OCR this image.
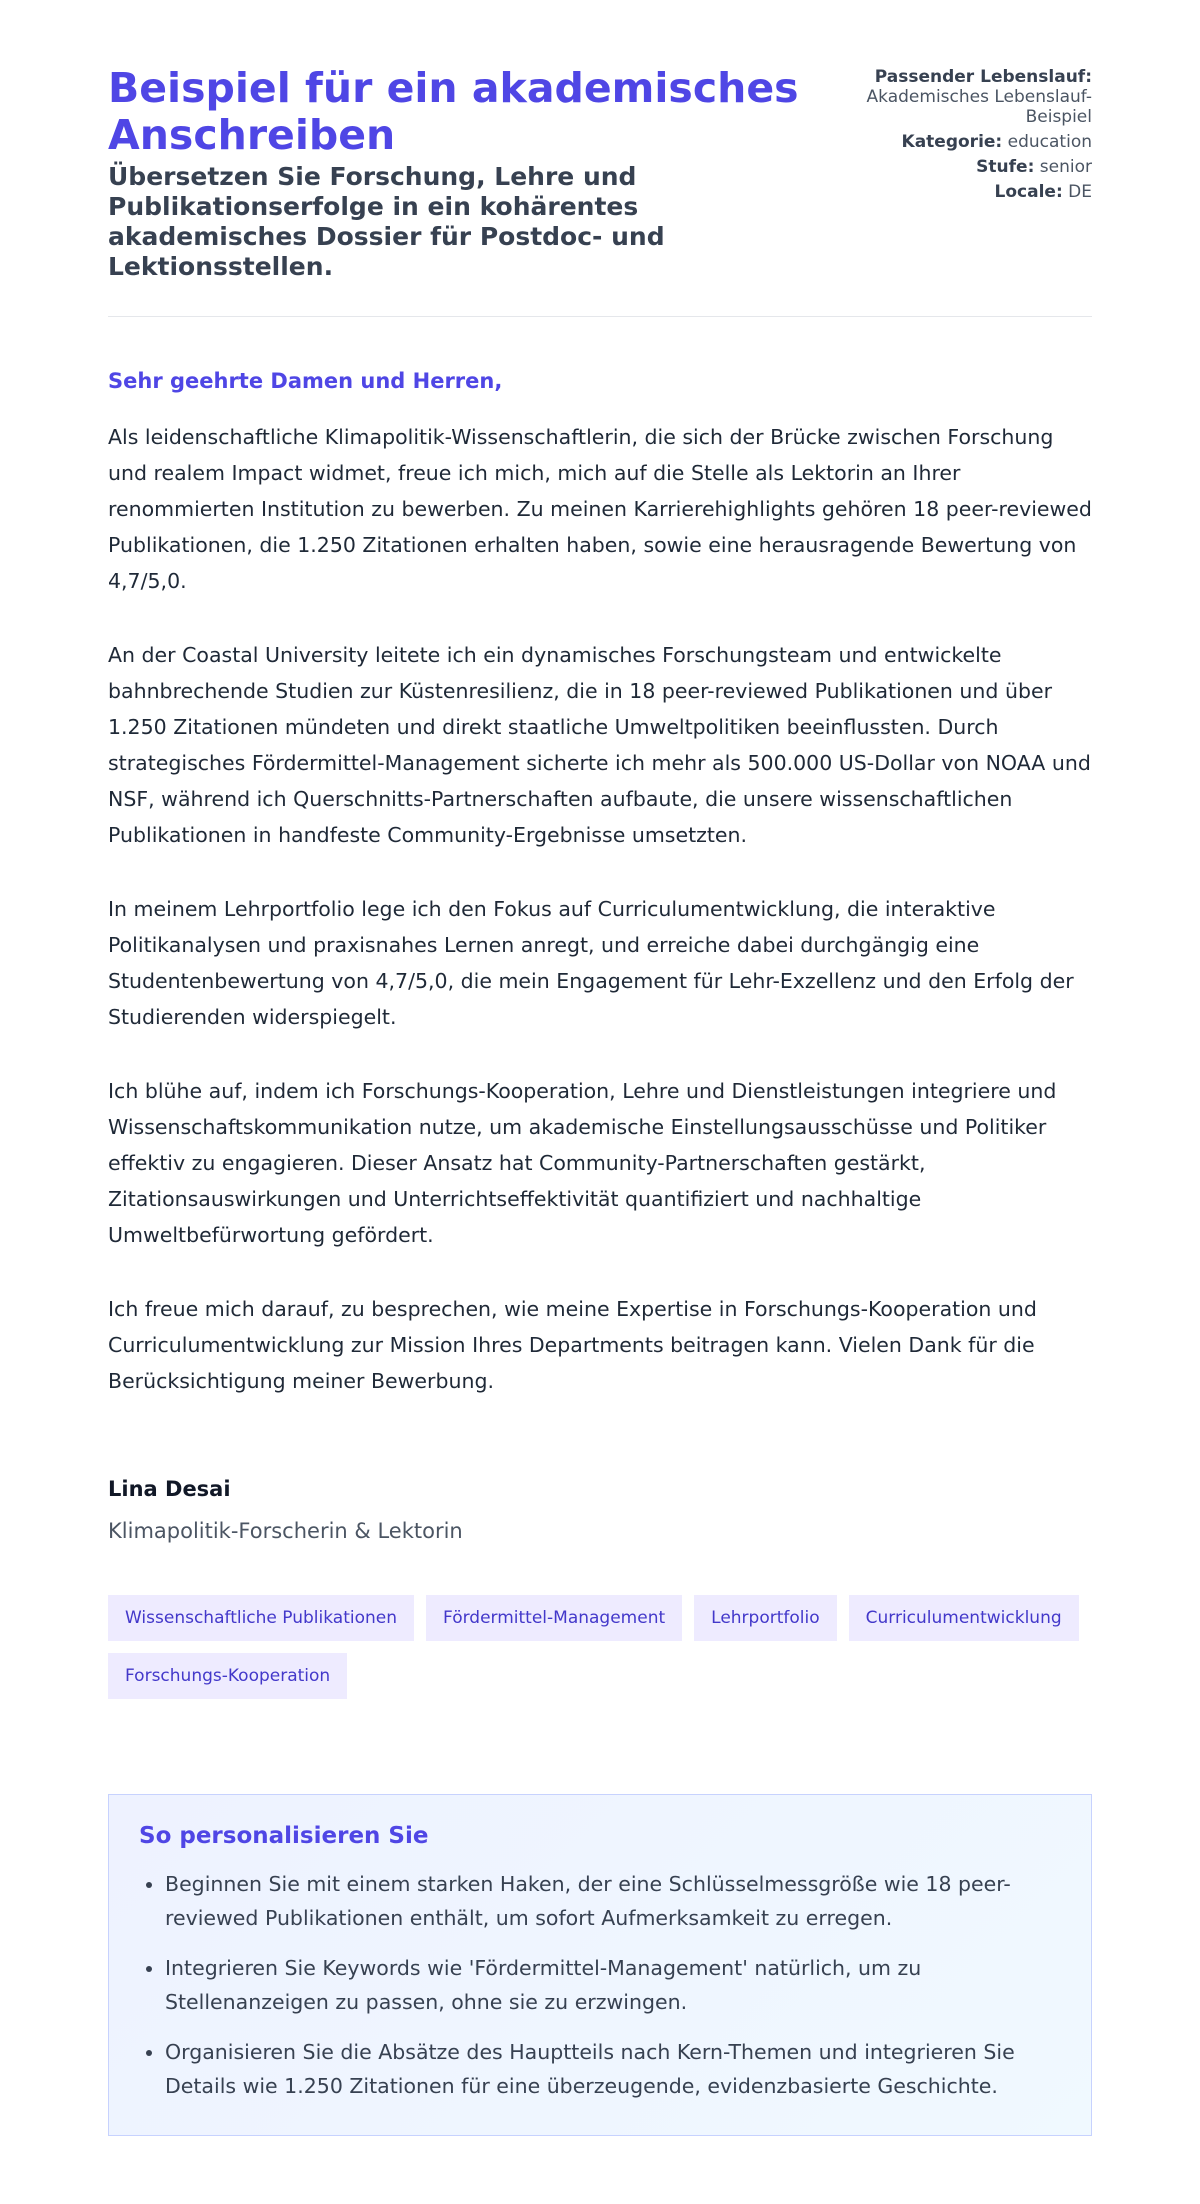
Beispiel für ein akademisches Anschreiben
Übersetzen Sie Forschung, Lehre und Publikationserfolge in ein kohärentes akademisches Dossier für Postdoc- und Lektionsstellen.
Passender Lebenslauf:
Akademisches Lebenslauf-Beispiel
Kategorie: education
Stufe: senior
Locale: DE

Sehr geehrte Damen und Herren,

Als leidenschaftliche Klimapolitik-Wissenschaftlerin, die sich der Brücke zwischen Forschung und realem Impact widmet, freue ich mich, mich auf die Stelle als Lektorin an Ihrer renommierten Institution zu bewerben. Zu meinen Karrierehighlights gehören 18 peer-reviewed Publikationen, die 1.250 Zitationen erhalten haben, sowie eine herausragende Bewertung von 4,7/5,0.

An der Coastal University leitete ich ein dynamisches Forschungsteam und entwickelte bahnbrechende Studien zur Küstenresilienz, die in 18 peer-reviewed Publikationen und über 1.250 Zitationen mündeten und direkt staatliche Umweltpolitiken beeinflussten. Durch strategisches Fördermittel-Management sicherte ich mehr als 500.000 US-Dollar von NOAA und NSF, während ich Querschnitts-Partnerschaften aufbaute, die unsere wissenschaftlichen Publikationen in handfeste Community-Ergebnisse umsetzten.

In meinem Lehrportfolio lege ich den Fokus auf Curriculumentwicklung, die interaktive Politikanalysen und praxisnahes Lernen anregt, und erreiche dabei durchgängig eine Studentenbewertung von 4,7/5,0, die mein Engagement für Lehr-Exzellenz und den Erfolg der Studierenden widerspiegelt.

Ich blühe auf, indem ich Forschungs-Kooperation, Lehre und Dienstleistungen integriere und Wissenschaftskommunikation nutze, um akademische Einstellungsausschüsse und Politiker effektiv zu engagieren. Dieser Ansatz hat Community-Partnerschaften gestärkt, Zitationsauswirkungen und Unterrichtseffektivität quantifiziert und nachhaltige Umweltbefürwortung gefördert.

Ich freue mich darauf, zu besprechen, wie meine Expertise in Forschungs-Kooperation und Curriculumentwicklung zur Mission Ihres Departments beitragen kann. Vielen Dank für die Berücksichtigung meiner Bewerbung.

Lina Desai
Klimapolitik-Forscherin & Lektorin
Wissenschaftliche Publikationen	Fördermittel-Management	Lehrportfolio	Curriculumentwicklung
Forschungs-Kooperation
So personalisieren Sie
• Beginnen Sie mit einem starken Haken, der eine Schlüsselmessgröße wie 18 peer-reviewed Publikationen enthält, um sofort Aufmerksamkeit zu erregen.
• Integrieren Sie Keywords wie 'Fördermittel-Management' natürlich, um zu Stellenanzeigen zu passen, ohne sie zu erzwingen.
• Organisieren Sie die Absätze des Hauptteils nach Kern-Themen und integrieren Sie Details wie 1.250 Zitationen für eine überzeugende, evidenzbasierte Geschichte.
